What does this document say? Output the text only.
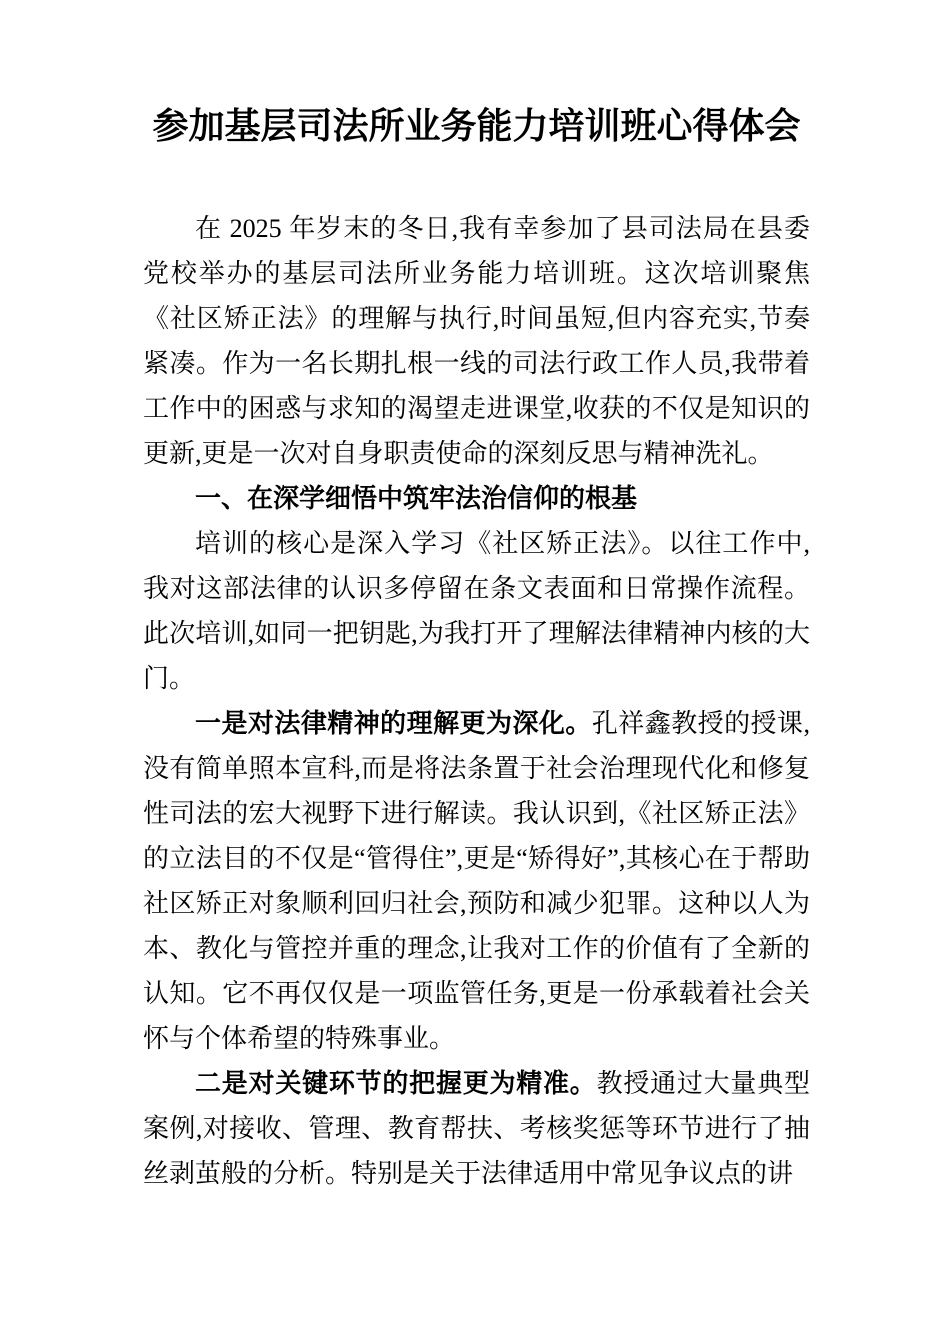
参加基层司法所业务能力培训班心得体会

在 2025 年岁末的冬日,我有幸参加了县司法局在县委党校举办的基层司法所业务能力培训班。这次培训聚焦《社区矫正法》的理解与执行,时间虽短,但内容充实,节奏紧凑。作为一名长期扎根一线的司法行政工作人员,我带着工作中的困惑与求知的渴望走进课堂,收获的不仅是知识的更新,更是一次对自身职责使命的深刻反思与精神洗礼。

一、在深学细悟中筑牢法治信仰的根基

培训的核心是深入学习《社区矫正法》。以往工作中,我对这部法律的认识多停留在条文表面和日常操作流程。此次培训,如同一把钥匙,为我打开了理解法律精神内核的大门。

一是对法律精神的理解更为深化。孔祥鑫教授的授课,没有简单照本宣科,而是将法条置于社会治理现代化和修复性司法的宏大视野下进行解读。我认识到,《社区矫正法》的立法目的不仅是“管得住”,更是“矫得好”,其核心在于帮助社区矫正对象顺利回归社会,预防和减少犯罪。这种以人为本、教化与管控并重的理念,让我对工作的价值有了全新的认知。它不再仅仅是一项监管任务,更是一份承载着社会关怀与个体希望的特殊事业。

二是对关键环节的把握更为精准。教授通过大量典型案例,对接收、管理、教育帮扶、考核奖惩等环节进行了抽丝剥茧般的分析。特别是关于法律适用中常见争议点的讲
